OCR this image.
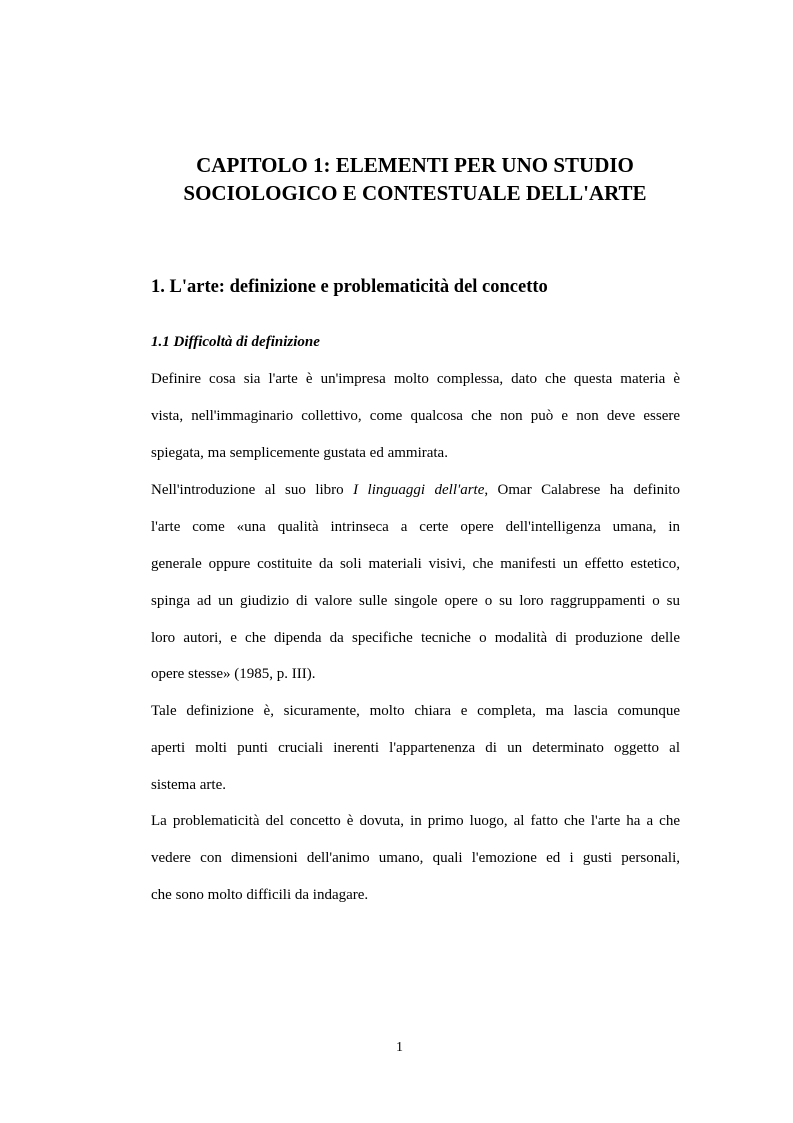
CAPITOLO 1: ELEMENTI PER UNO STUDIO
SOCIOLOGICO E CONTESTUALE DELL'ARTE
1. L'arte: definizione e problematicità del concetto
1.1 Difficoltà di definizione
Definire cosa sia l'arte è un'impresa molto complessa, dato che questa materia è
vista, nell'immaginario collettivo, come qualcosa che non può e non deve essere
spiegata, ma semplicemente gustata ed ammirata.
Nell'introduzione al suo libro I linguaggi dell'arte, Omar Calabrese ha definito
l'arte come «una qualità intrinseca a certe opere dell'intelligenza umana, in
generale oppure costituite da soli materiali visivi, che manifesti un effetto estetico,
spinga ad un giudizio di valore sulle singole opere o su loro raggruppamenti o su
loro autori, e che dipenda da specifiche tecniche o modalità di produzione delle
opere stesse» (1985, p. III).
Tale definizione è, sicuramente, molto chiara e completa, ma lascia comunque
aperti molti punti cruciali inerenti l'appartenenza di un determinato oggetto al
sistema arte.
La problematicità del concetto è dovuta, in primo luogo, al fatto che l'arte ha a che
vedere con dimensioni dell'animo umano, quali l'emozione ed i gusti personali,
che sono molto difficili da indagare.
1
